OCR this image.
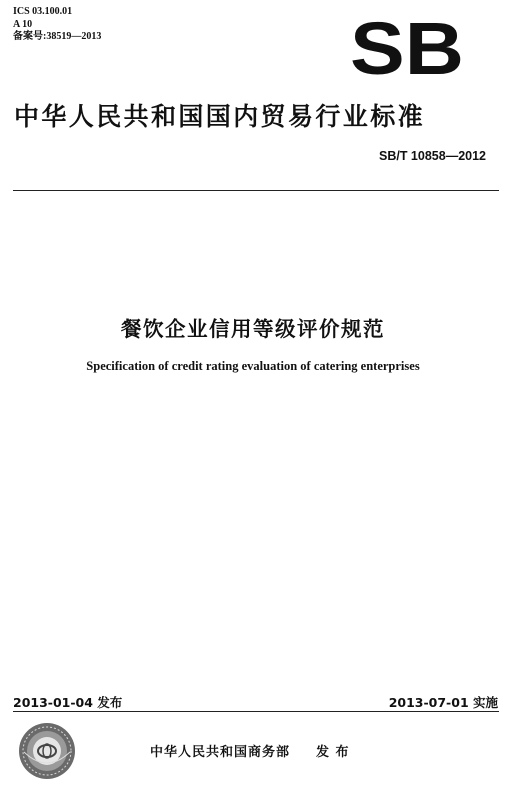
ICS 03.100.01
A 10
备案号:38519—2013	SB
中华人民共和国国内贸易行业标准
SB/T 10858—2012
餐饮企业信用等级评价规范
Specification of credit rating evaluation of catering enterprises
2013-01-04 发布	2013-07-01 实施
中华人民共和国商务部 发 布
